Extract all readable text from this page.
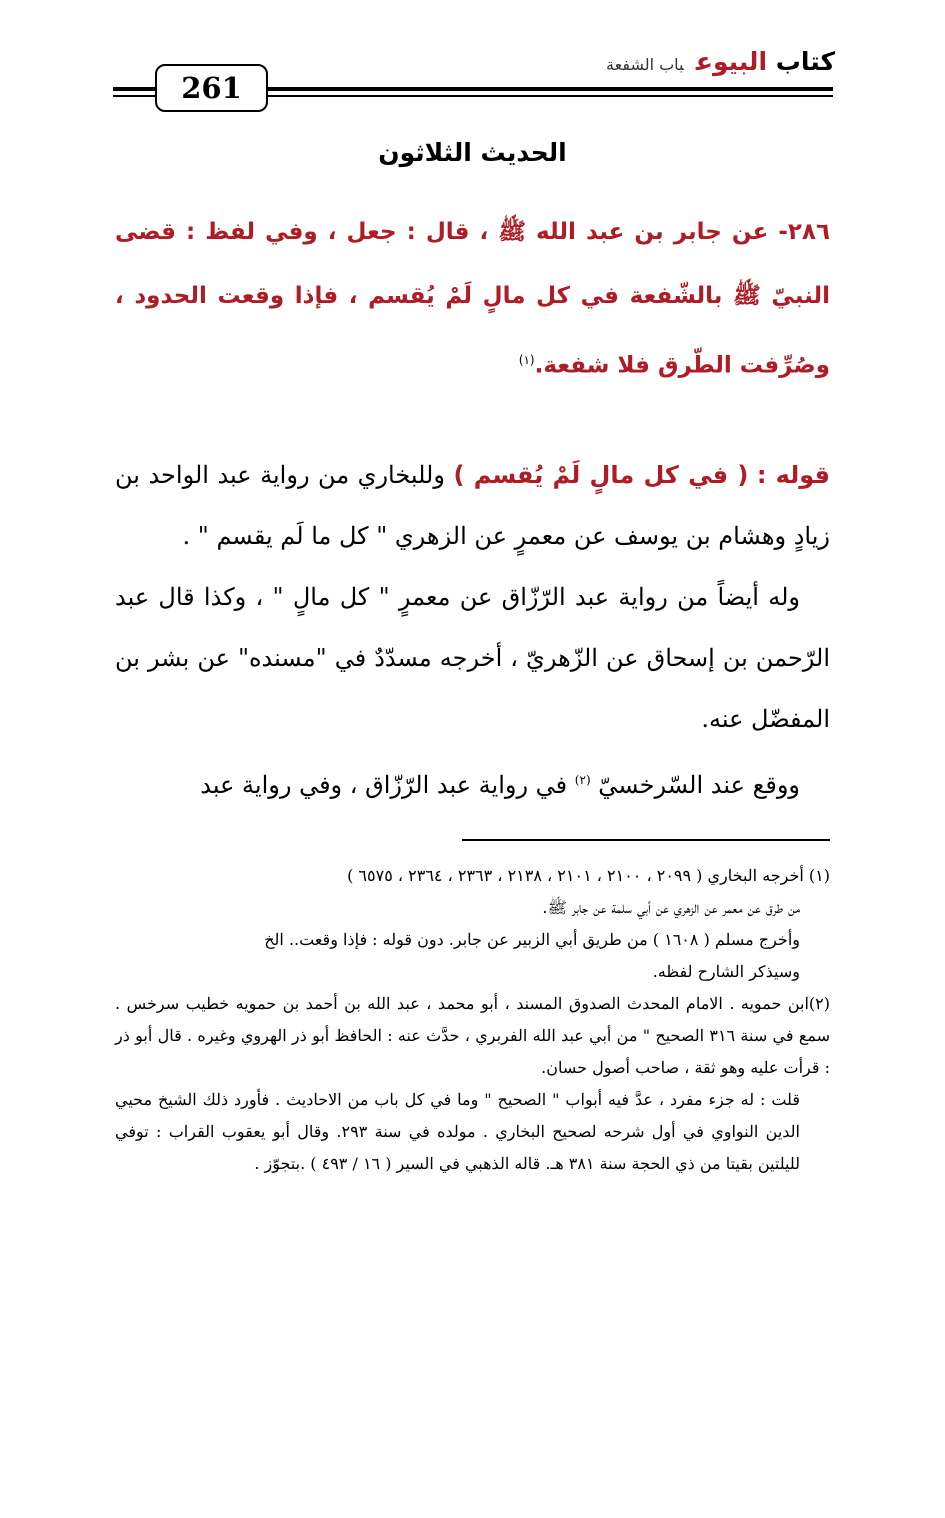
261
كتاب البيوعباب الشفعة
الحديث الثلاثون
٢٨٦- عن جابر بن عبد الله ﷺ ، قال : جعل ، وفي لفظ : قضى النبيّ ﷺ بالشّفعة في كل مالٍ لَمْ يُقسم ، فإذا وقعت الحدود ، وصُرِّفت الطّرق فلا شفعة.$^{(١)}$

قوله : ( في كل مالٍ لَمْ يُقسم ) وللبخاري من رواية عبد الواحد بن زيادٍ وهشام بن يوسف عن معمرٍ عن الزهري " كل ما لَم يقسم " .

وله أيضاً من رواية عبد الرّزّاق عن معمرٍ " كل مالٍ " ، وكذا قال عبد الرّحمن بن إسحاق عن الزّهريّ ، أخرجه مسدّدٌ في "مسنده" عن بشر بن المفضّل عنه.

ووقع عند السّرخسيّ $^{(٢)}$ في رواية عبد الرّزّاق ، وفي رواية عبد

(١) أخرجه البخاري ( ٢٠٩٩ ، ٢١٠٠ ، ٢١٠١ ، ٢١٣٨ ، ٢٣٦٣ ، ٢٣٦٤ ، ٦٥٧٥ )

من طرق عن معمر عن الزهري عن أبي سلمة عن جابر ﷺ.

وأخرج مسلم ( ١٦٠٨ ) من طريق أبي الزبير عن جابر. دون قوله : فإذا وقعت.. الخ

وسيذكر الشارح لفظه.

(٢)ابن حمويه . الامام المحدث الصدوق المسند ، أبو محمد ، عبد الله بن أحمد بن حمويه خطيب سرخس . سمع في سنة ٣١٦ الصحيح " من أبي عبد الله الفربري ، حدَّث عنه : الحافظ أبو ذر الهروي وغيره . قال أبو ذر : قرأت عليه وهو ثقة ، صاحب أصول حسان.

قلت : له جزء مفرد ، عدَّ فيه أبواب " الصحيح " وما في كل باب من الاحاديث . فأورد ذلك الشيخ محيي الدين النواوي في أول شرحه لصحيح البخاري . مولده في سنة ٢٩٣. وقال أبو يعقوب القراب : توفي لليلتين بقيتا من ذي الحجة سنة ٣٨١ هـ. قاله الذهبي في السير ( ١٦ / ٤٩٣ ) .بتجوّز .
